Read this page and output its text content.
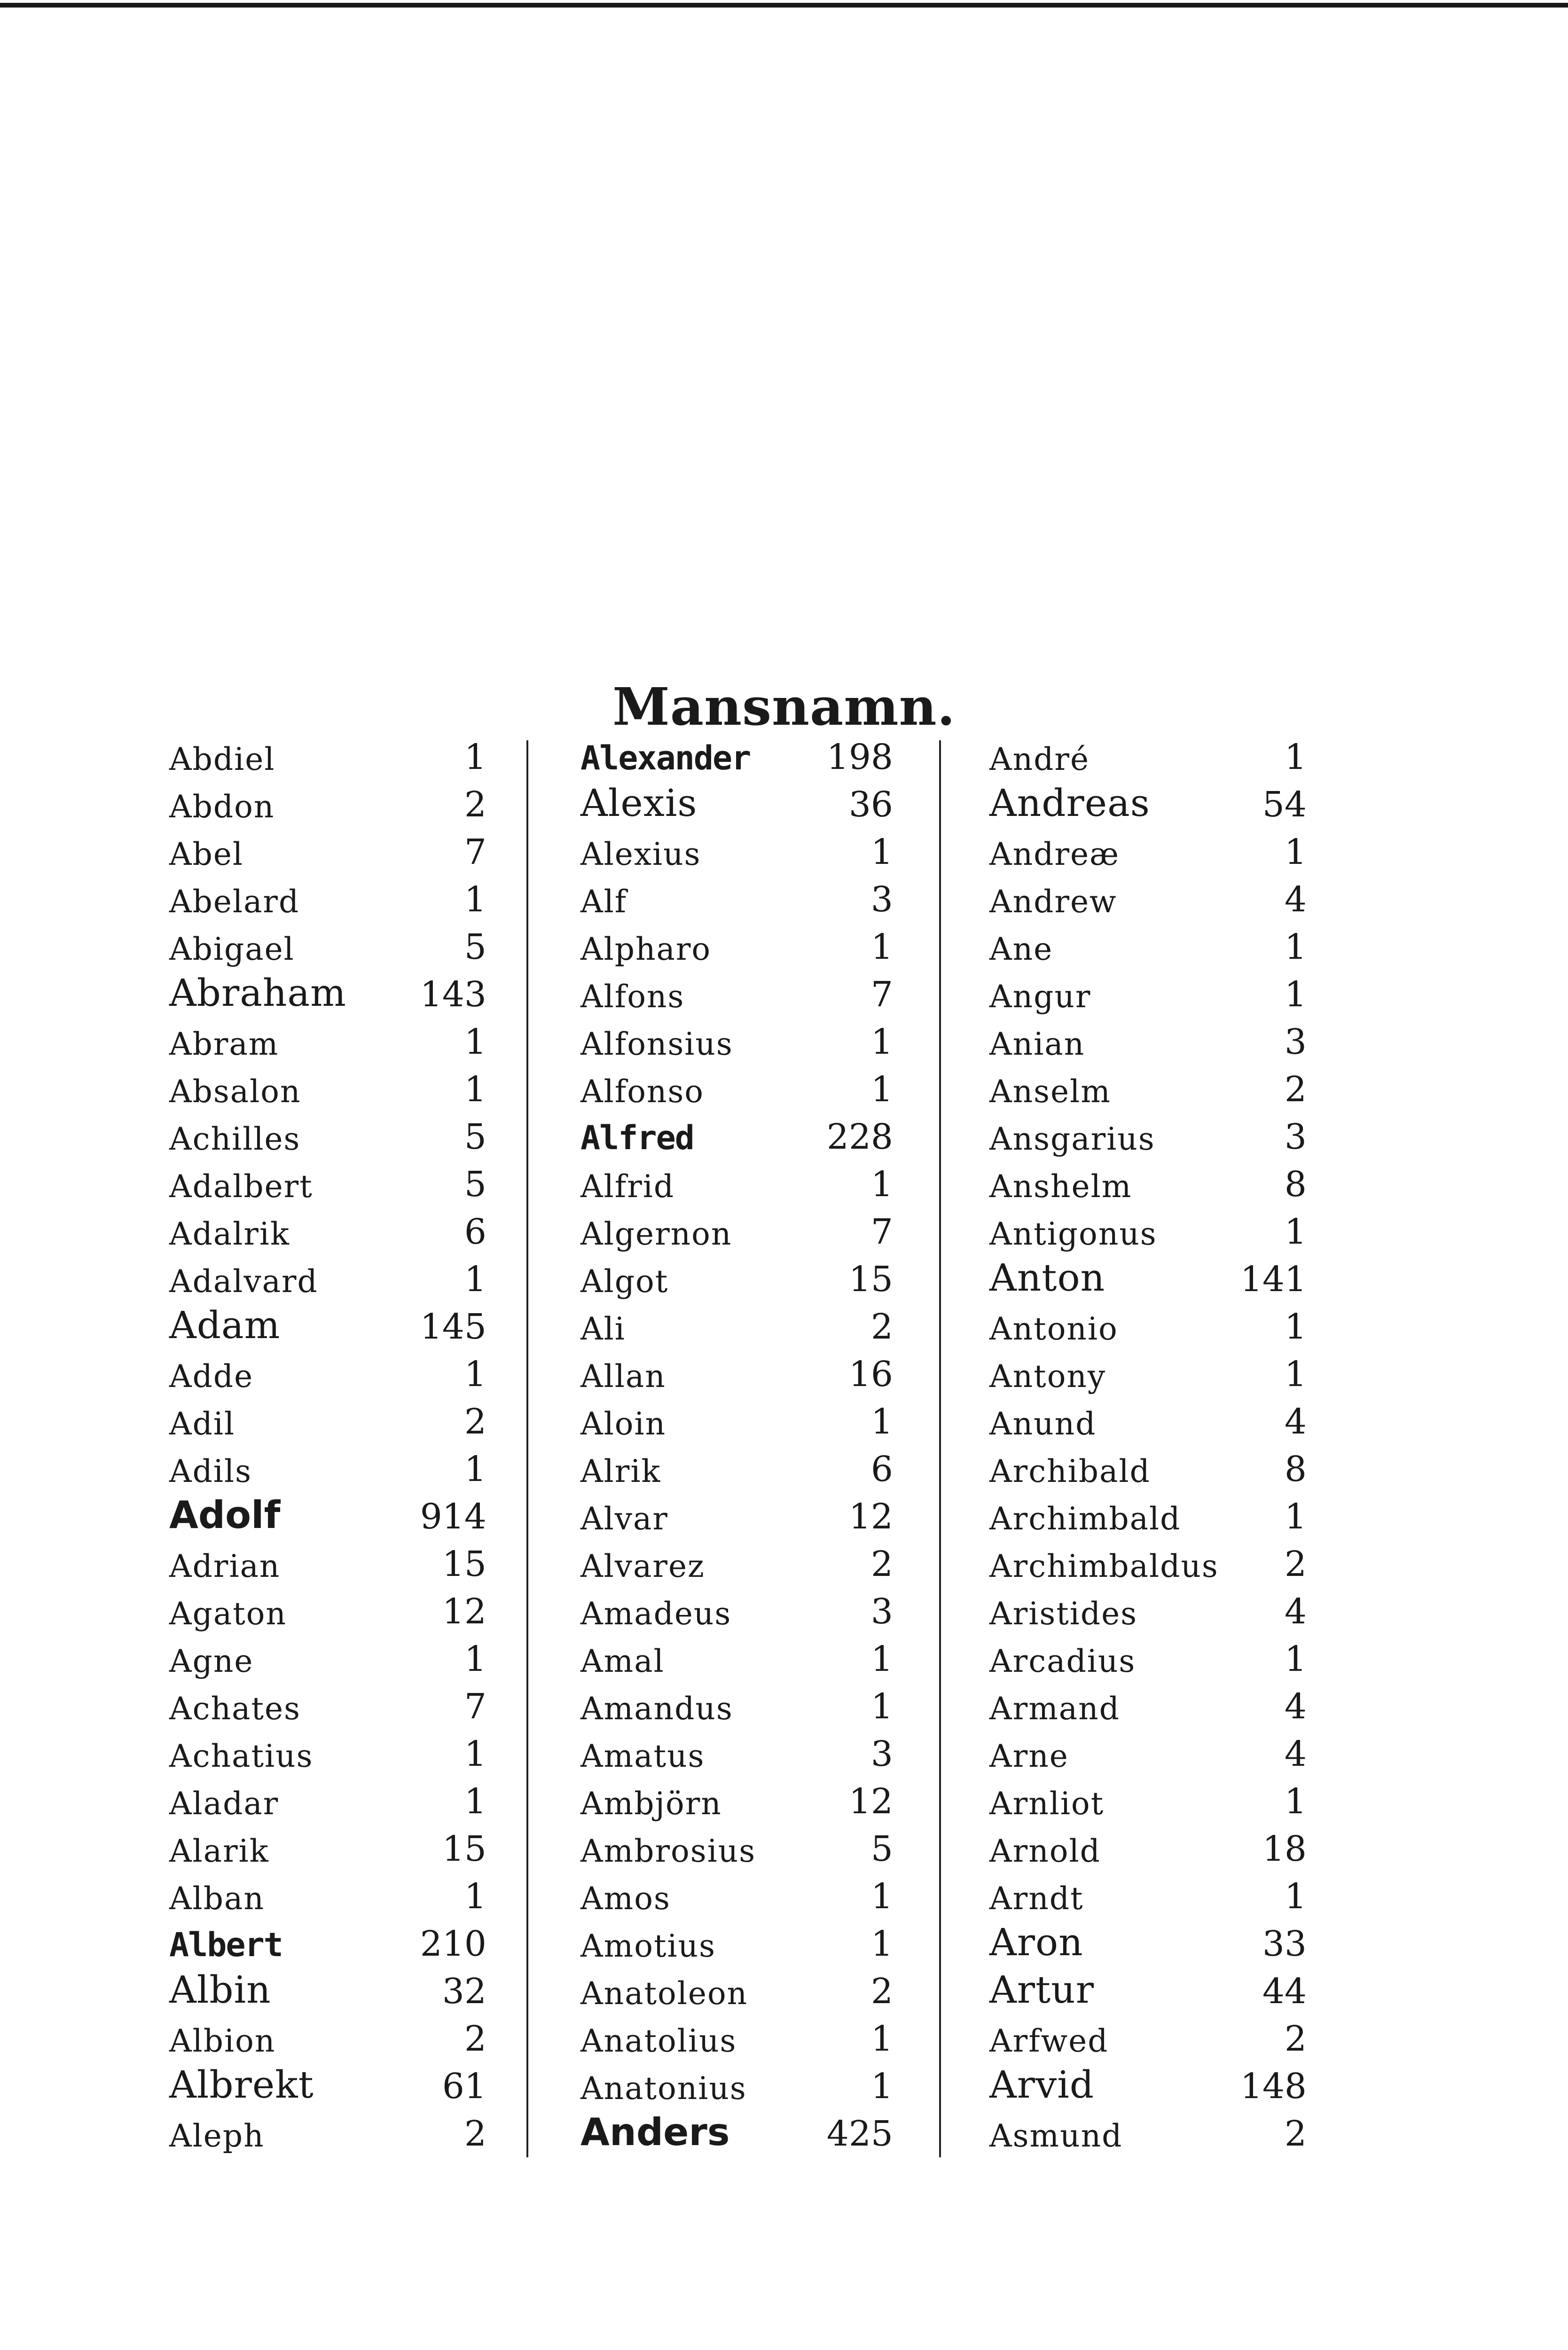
Mansnamn.
Abdiel	1
Abdon	2
Abel	7
Abelard	1
Abigael	5
Abraham 143
Abram	1
Absalon	1
Achilles	5
Adalbert	5
Adalrik	6
Adalvard	1
Adam	145
Adde	1
Adil	2
Adils	1
Adolf	914
Adrian	15
Agaton	12
Agne	1
Achates	7
Achatius	1
Aladar	1
Alarik	15
Alban	1
Albert	210
Albin	32
Albion	2
Albrekt	61
Aleph	2
Alexander 198
Alexis	36
Alexius	1
Alf	3
Alpharo	1
Alfons	7
Alfonsius	1
Alfonso	1
Alfred	228
Alfrid	1
Algernon	7
Algot	15
Ali	2
Allan	16
Aloin	1
Alrik	6
Alvar	12
Alvarez	2
Amadeus	3
Amal	1
Amandus	1
Amatus	3
Ambjörn	12
Ambrosius	5
Amos	1
Amotius	1
Anatoleon	2
Anatolius	1
Anatonius	1
Anders	425
André	1
Andreas	54
Andreæ	1
Andrew	4
Ane	1
Angur	1
Anian	3
Anselm	2
Ansgarius	3
Anshelm	8
Antigonus	1
Anton	141
Antonio	1
Antony	1
Anund	4
Archibald	8
Archimbald	1
Archimbaldus 2
Aristides	4
Arcadius	1
Armand	4
Arne	4
Arnliot	1
Arnold	18
Arndt	1
Aron	33
Artur	44
Arfwed	2
Arvid	148
Asmund	2
